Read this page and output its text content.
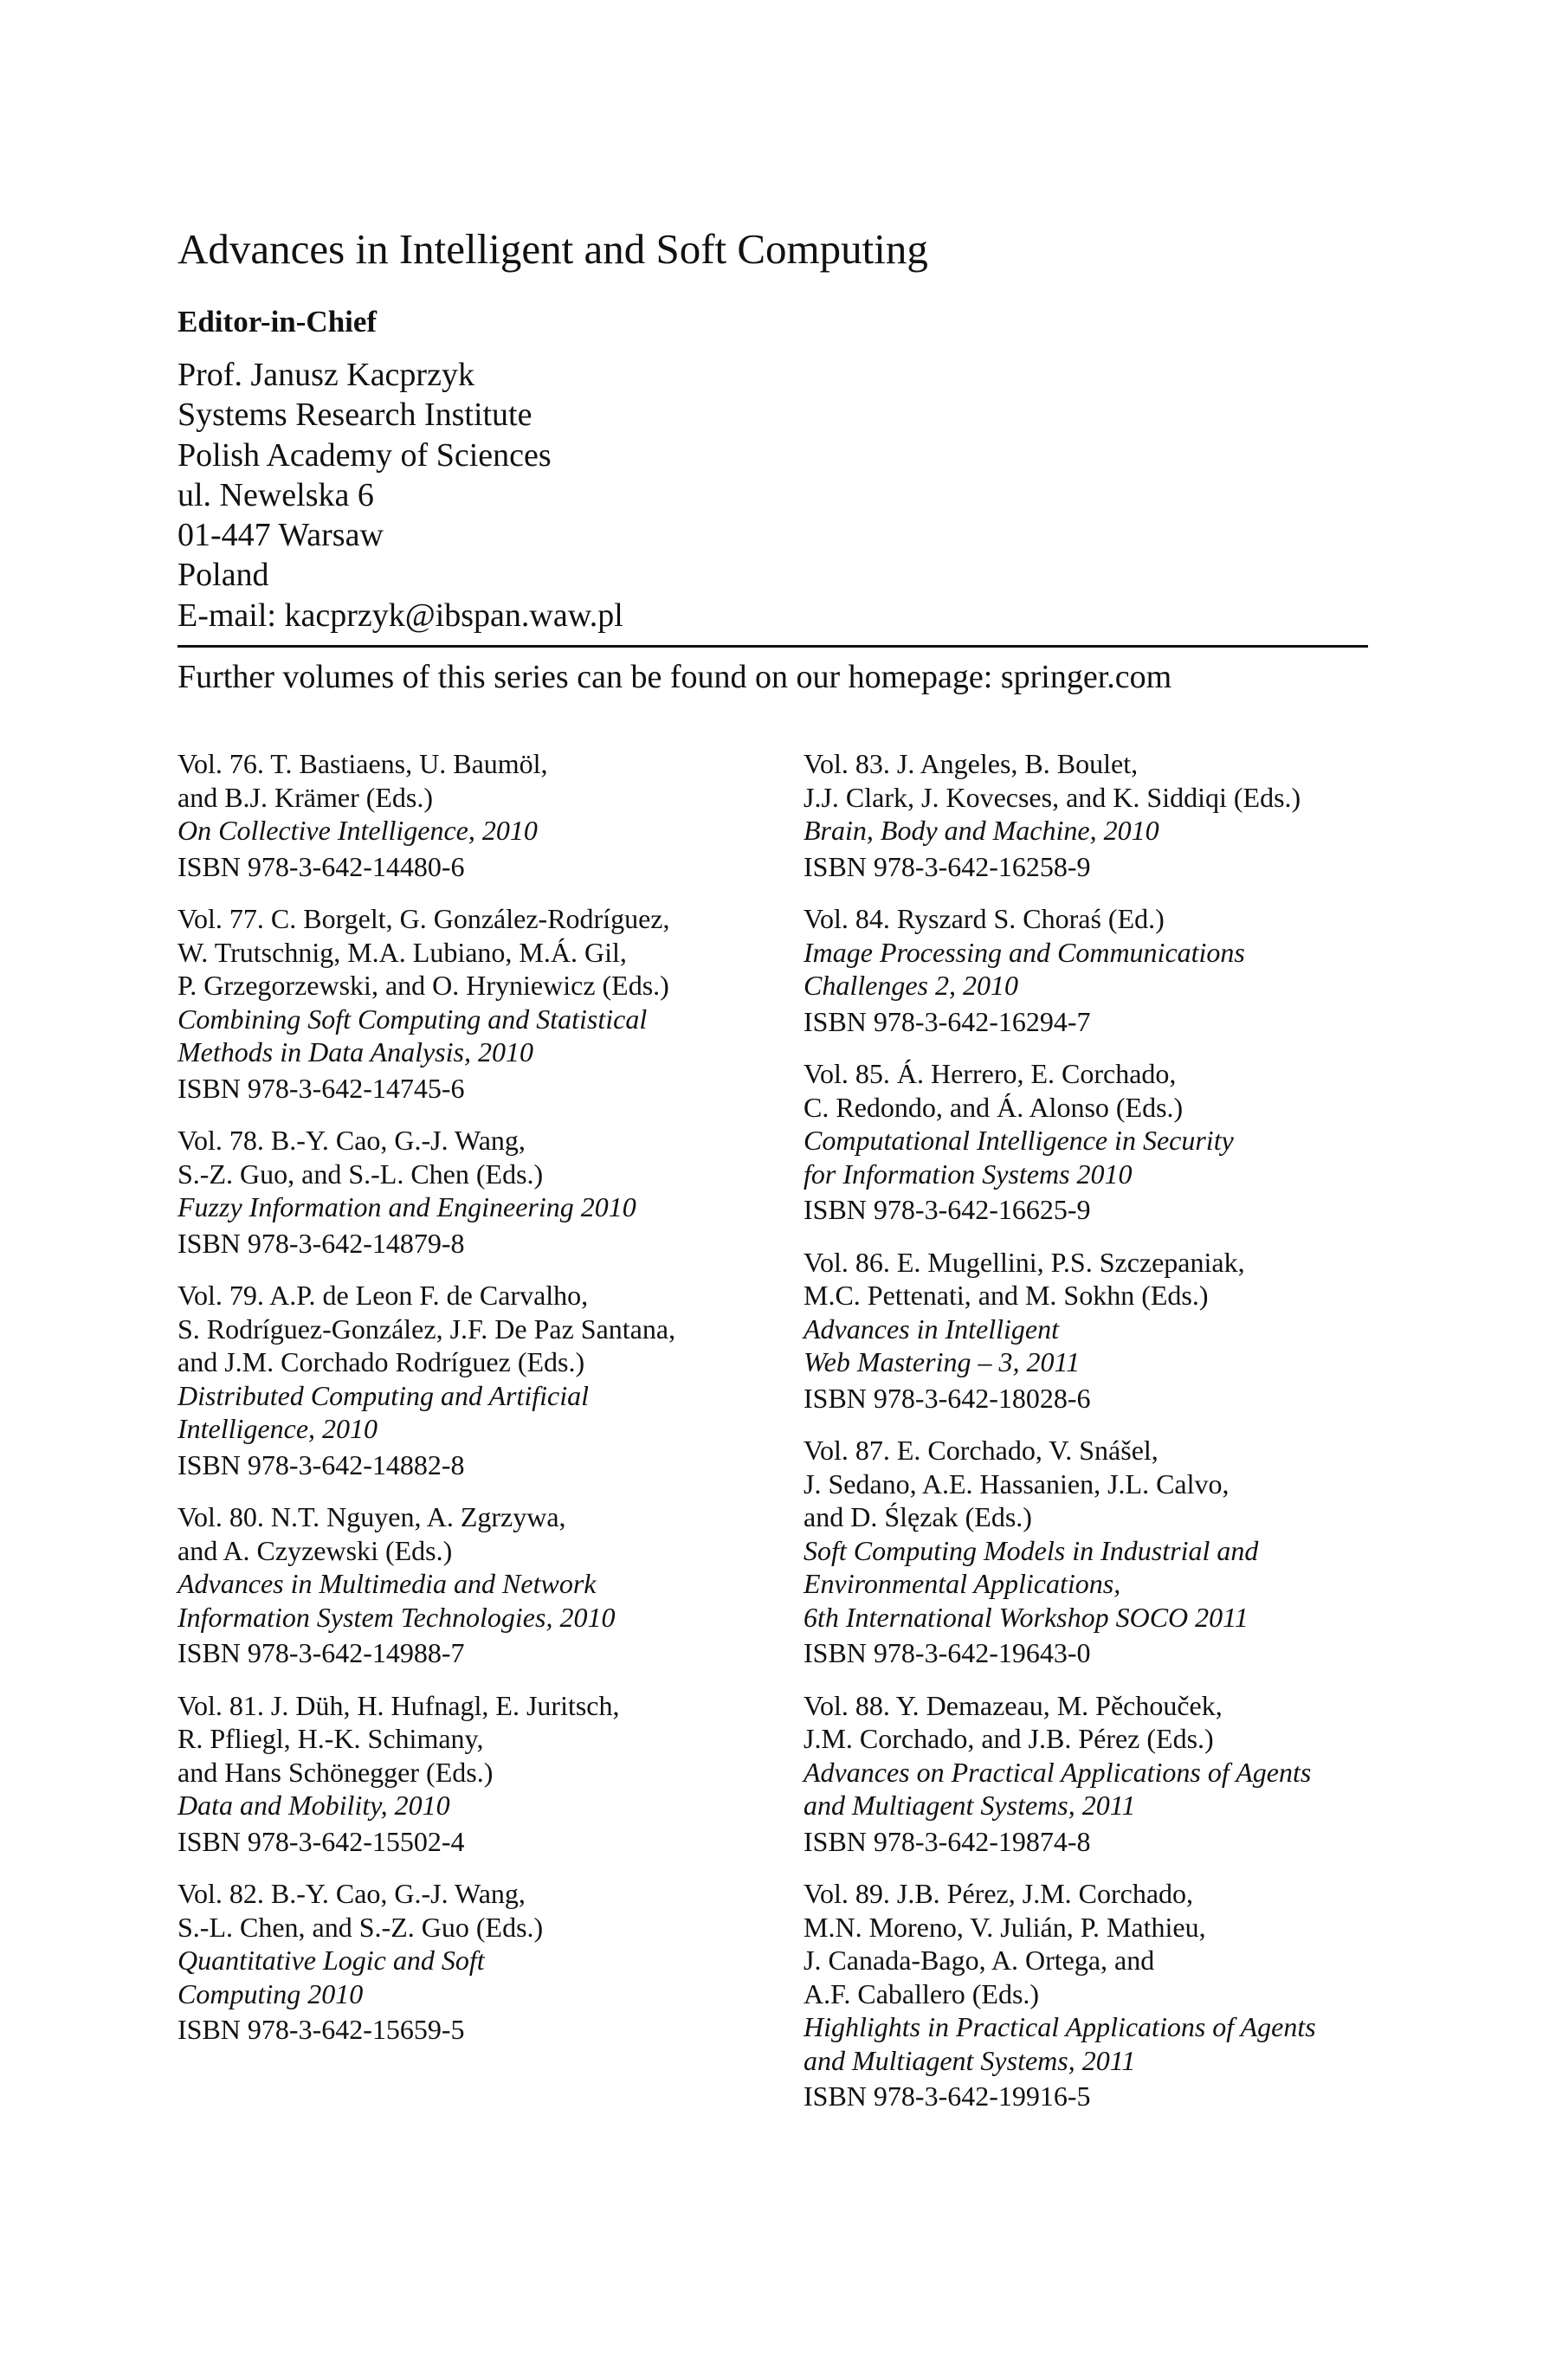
Advances in Intelligent and Soft Computing
Editor-in-Chief
Prof. Janusz Kacprzyk
Systems Research Institute
Polish Academy of Sciences
ul. Newelska 6
01-447 Warsaw
Poland
E-mail: kacprzyk@ibspan.waw.pl
Further volumes of this series can be found on our homepage: springer.com
Vol. 76. T. Bastiaens, U. Baumöl,
and B.J. Krämer (Eds.)
On Collective Intelligence, 2010
ISBN 978-3-642-14480-6
Vol. 77. C. Borgelt, G. González-Rodríguez,
W. Trutschnig, M.A. Lubiano, M.Á. Gil,
P. Grzegorzewski, and O. Hryniewicz (Eds.)
Combining Soft Computing and Statistical
Methods in Data Analysis, 2010
ISBN 978-3-642-14745-6
Vol. 78. B.-Y. Cao, G.-J. Wang,
S.-Z. Guo, and S.-L. Chen (Eds.)
Fuzzy Information and Engineering 2010
ISBN 978-3-642-14879-8
Vol. 79. A.P. de Leon F. de Carvalho,
S. Rodríguez-González, J.F. De Paz Santana,
and J.M. Corchado Rodríguez (Eds.)
Distributed Computing and Artificial
Intelligence, 2010
ISBN 978-3-642-14882-8
Vol. 80. N.T. Nguyen, A. Zgrzywa,
and A. Czyzewski (Eds.)
Advances in Multimedia and Network
Information System Technologies, 2010
ISBN 978-3-642-14988-7
Vol. 81. J. Düh, H. Hufnagl, E. Juritsch,
R. Pfliegl, H.-K. Schimany,
and Hans Schönegger (Eds.)
Data and Mobility, 2010
ISBN 978-3-642-15502-4
Vol. 82. B.-Y. Cao, G.-J. Wang,
S.-L. Chen, and S.-Z. Guo (Eds.)
Quantitative Logic and Soft
Computing 2010
ISBN 978-3-642-15659-5
Vol. 83. J. Angeles, B. Boulet,
J.J. Clark, J. Kovecses, and K. Siddiqi (Eds.)
Brain, Body and Machine, 2010
ISBN 978-3-642-16258-9
Vol. 84. Ryszard S. Choraś (Ed.)
Image Processing and Communications
Challenges 2, 2010
ISBN 978-3-642-16294-7
Vol. 85. Á. Herrero, E. Corchado,
C. Redondo, and Á. Alonso (Eds.)
Computational Intelligence in Security
for Information Systems 2010
ISBN 978-3-642-16625-9
Vol. 86. E. Mugellini, P.S. Szczepaniak,
M.C. Pettenati, and M. Sokhn (Eds.)
Advances in Intelligent
Web Mastering – 3, 2011
ISBN 978-3-642-18028-6
Vol. 87. E. Corchado, V. Snášel,
J. Sedano, A.E. Hassanien, J.L. Calvo,
and D. Ślęzak (Eds.)
Soft Computing Models in Industrial and
Environmental Applications,
6th International Workshop SOCO 2011
ISBN 978-3-642-19643-0
Vol. 88. Y. Demazeau, M. Pěchouček,
J.M. Corchado, and J.B. Pérez (Eds.)
Advances on Practical Applications of Agents
and Multiagent Systems, 2011
ISBN 978-3-642-19874-8
Vol. 89. J.B. Pérez, J.M. Corchado,
M.N. Moreno, V. Julián, P. Mathieu,
J. Canada-Bago, A. Ortega, and
A.F. Caballero (Eds.)
Highlights in Practical Applications of Agents
and Multiagent Systems, 2011
ISBN 978-3-642-19916-5
